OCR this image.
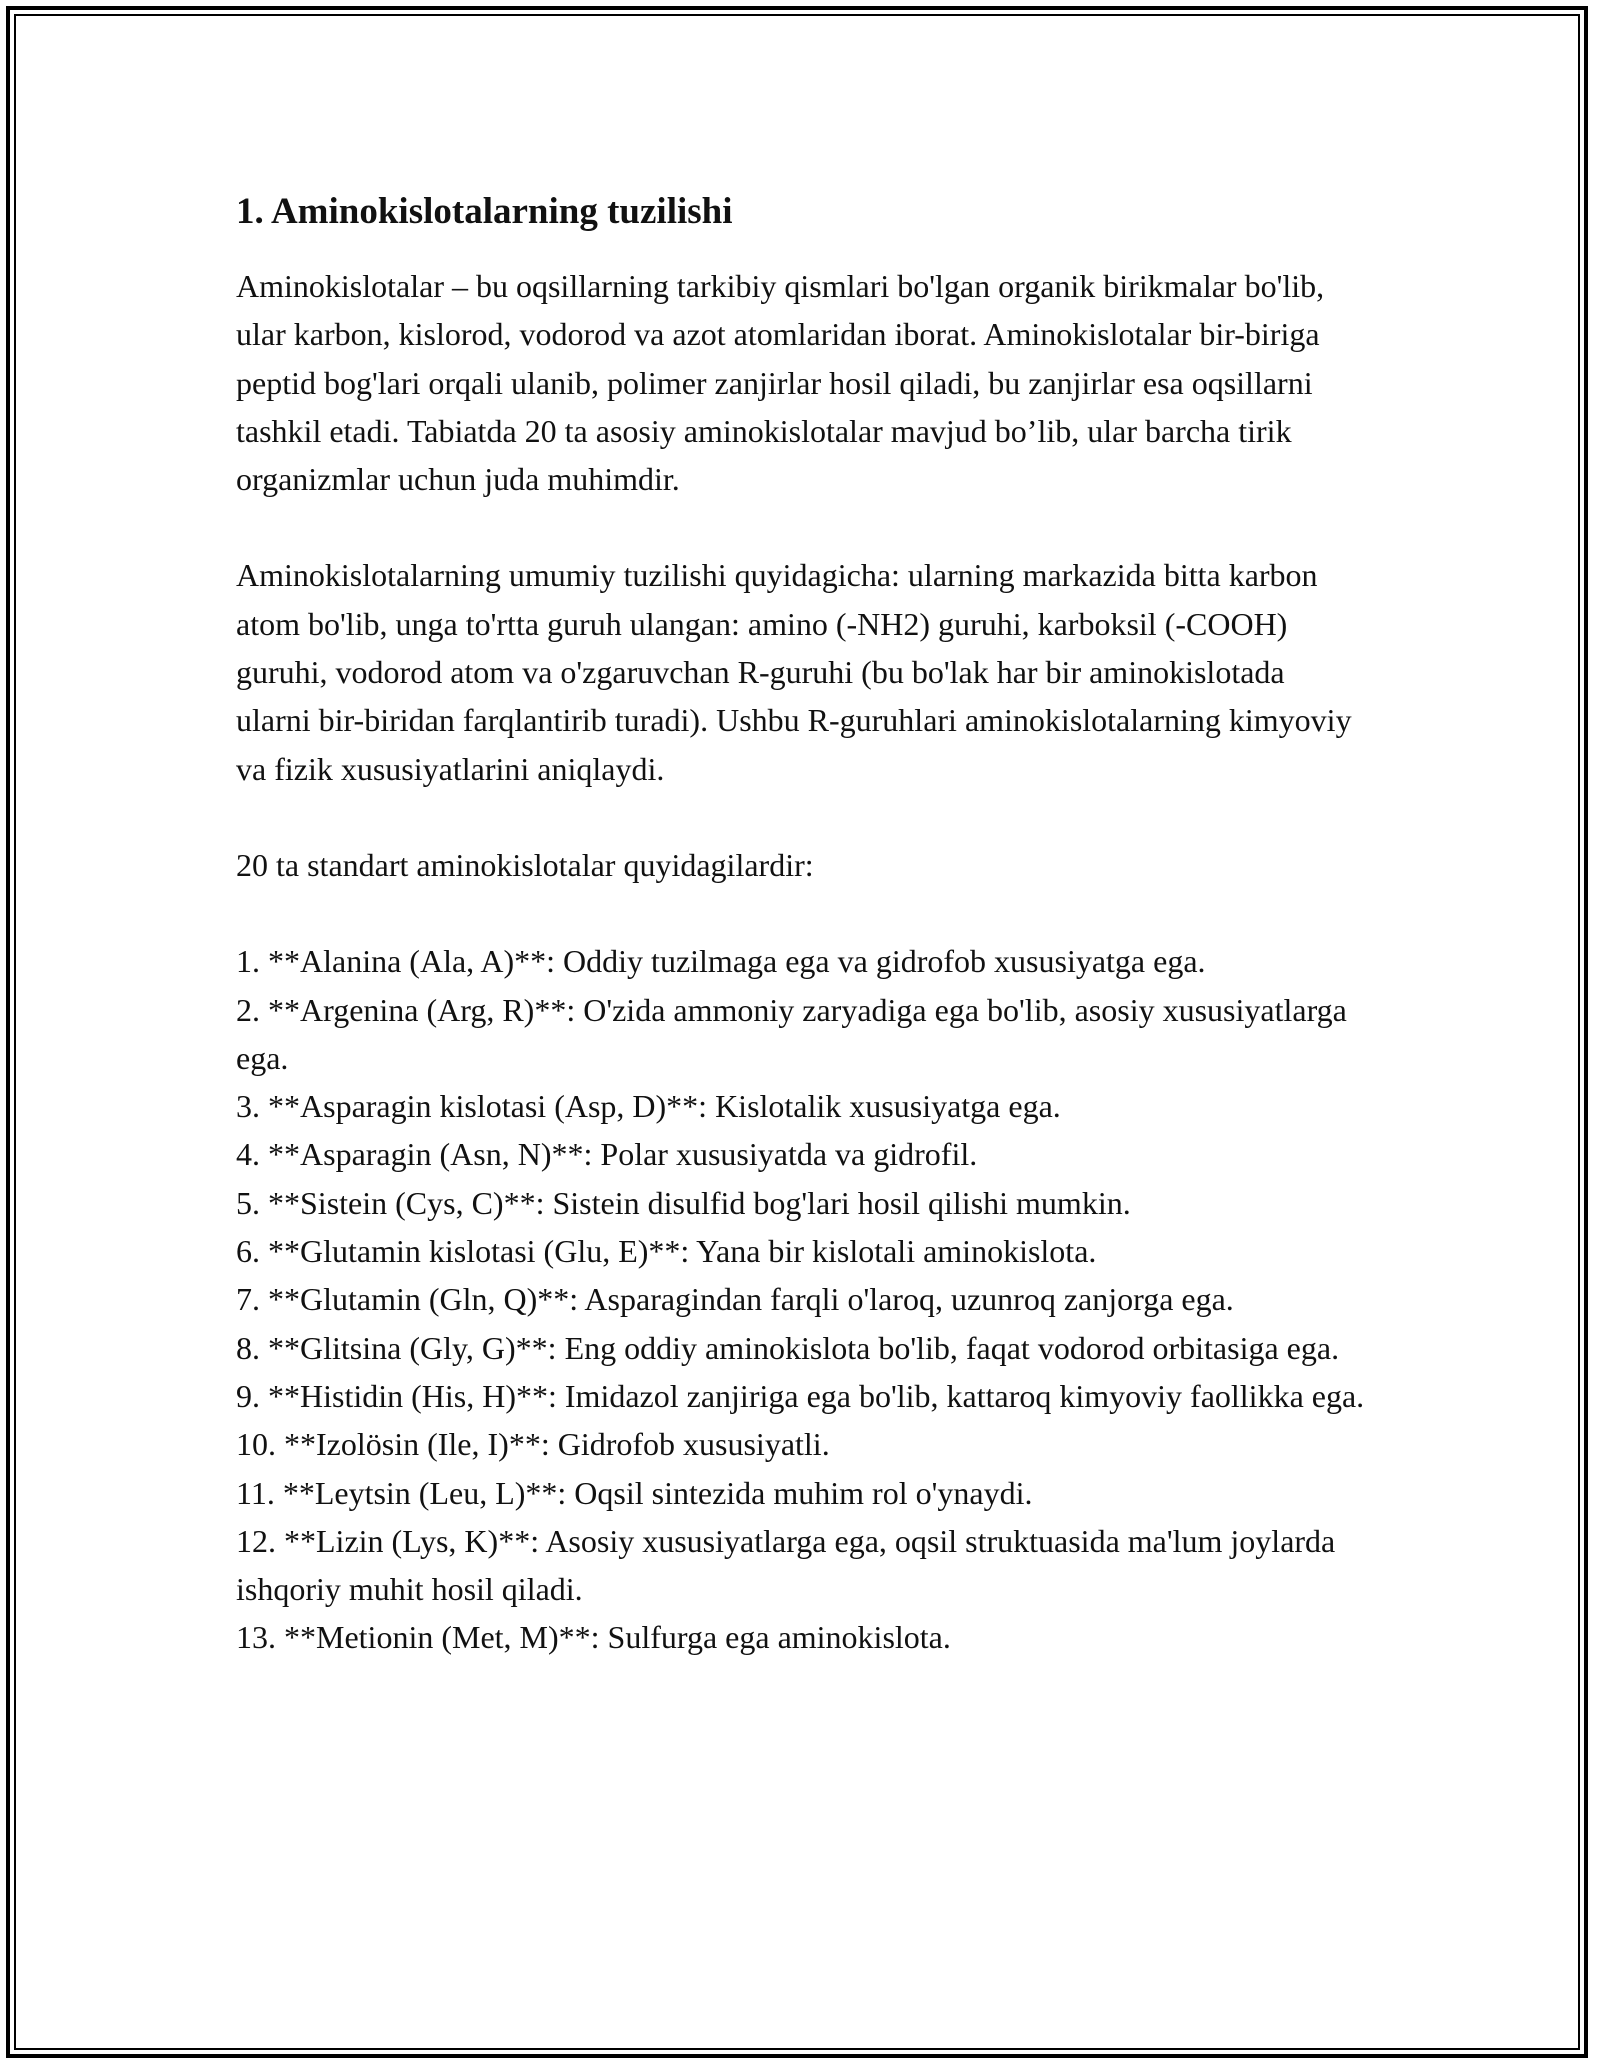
1. Aminokislotalarning tuzilishi

Aminokislotalar – bu oqsillarning tarkibiy qismlari bo'lgan organik birikmalar bo'lib, ular karbon, kislorod, vodorod va azot atomlaridan iborat. Aminokislotalar bir-biriga peptid bog'lari orqali ulanib, polimer zanjirlar hosil qiladi, bu zanjirlar esa oqsillarni tashkil etadi. Tabiatda 20 ta asosiy aminokislotalar mavjud bo’lib, ular barcha tirik organizmlar uchun juda muhimdir.

Aminokislotalarning umumiy tuzilishi quyidagicha: ularning markazida bitta karbon atom bo'lib, unga to'rtta guruh ulangan: amino (-NH2) guruhi, karboksil (-COOH) guruhi, vodorod atom va o'zgaruvchan R-guruhi (bu bo'lak har bir aminokislotada ularni bir-biridan farqlantirib turadi). Ushbu R-guruhlari aminokislotalarning kimyoviy va fizik xususiyatlarini aniqlaydi.

20 ta standart aminokislotalar quyidagilardir:

1. **Alanina (Ala, A)**: Oddiy tuzilmaga ega va gidrofob xususiyatga ega.
2. **Argenina (Arg, R)**: O'zida ammoniy zaryadiga ega bo'lib, asosiy xususiyatlarga ega.
3. **Asparagin kislotasi (Asp, D)**: Kislotalik xususiyatga ega.
4. **Asparagin (Asn, N)**: Polar xususiyatda va gidrofil.
5. **Sistein (Cys, C)**: Sistein disulfid bog'lari hosil qilishi mumkin.
6. **Glutamin kislotasi (Glu, E)**: Yana bir kislotali aminokislota.
7. **Glutamin (Gln, Q)**: Asparagindan farqli o'laroq, uzunroq zanjorga ega.
8. **Glitsina (Gly, G)**: Eng oddiy aminokislota bo'lib, faqat vodorod orbitasiga ega.
9. **Histidin (His, H)**: Imidazol zanjiriga ega bo'lib, kattaroq kimyoviy faollikka ega.
10. **Izolösin (Ile, I)**: Gidrofob xususiyatli.
11. **Leytsin (Leu, L)**: Oqsil sintezida muhim rol o'ynaydi.
12. **Lizin (Lys, K)**: Asosiy xususiyatlarga ega, oqsil struktuasida ma'lum joylarda ishqoriy muhit hosil qiladi.
13. **Metionin (Met, M)**: Sulfurga ega aminokislota.
